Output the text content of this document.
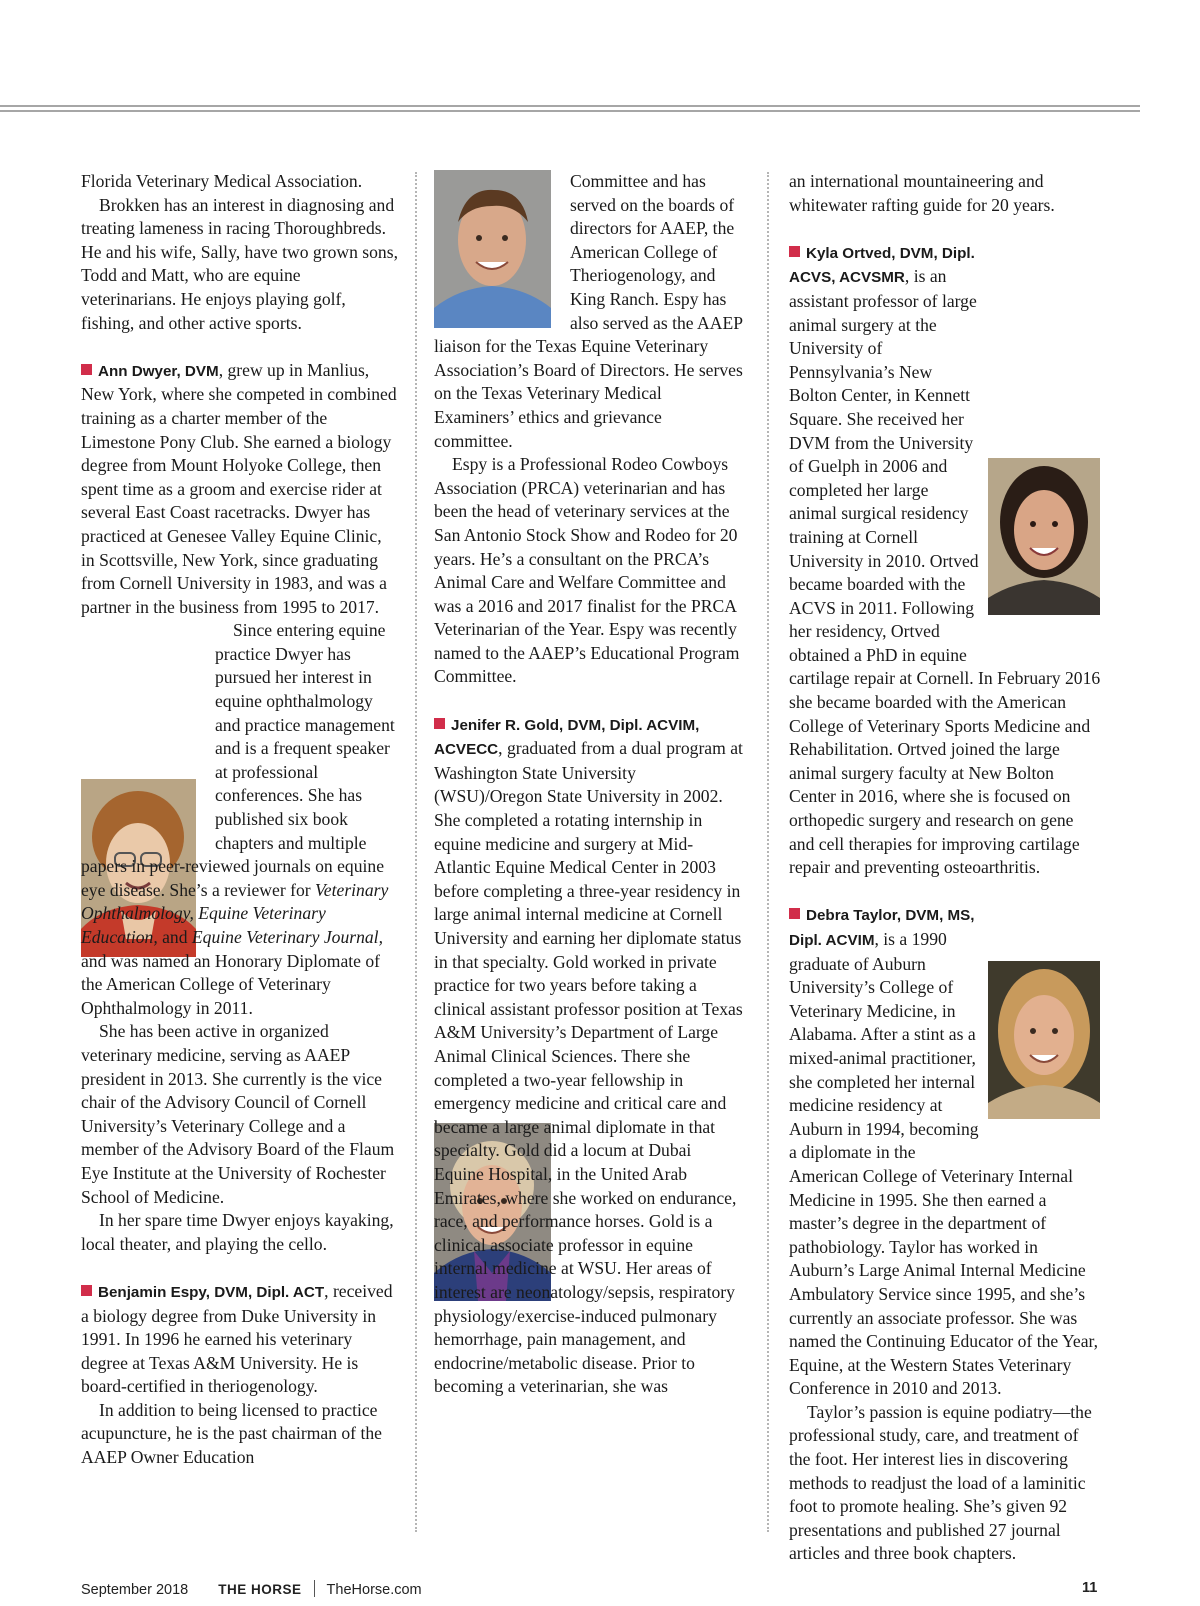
Florida Veterinary Medical Association.

Brokken has an interest in diagnosing and treating lameness in racing Thoroughbreds. He and his wife, Sally, have two grown sons, Todd and Matt, who are equine veterinarians. He enjoys playing golf, fishing, and other active sports.

Ann Dwyer, DVM, grew up in Manlius, New York, where she competed in combined training as a charter member of the Limestone Pony Club. She earned a biology degree from Mount Holyoke College, then spent time as a groom and exercise rider at several East Coast racetracks. Dwyer has practiced at Genesee Valley Equine Clinic, in Scottsville, New York, since graduating from Cornell University in 1983, and was a partner in the business from 1995 to 2017.

Since entering equine practice Dwyer has pursued her interest in equine ophthalmology and practice management and is a frequent speaker at professional conferences. She has published six book chapters and multiple papers in peer-reviewed journals on equine eye disease. She’s a reviewer for Veterinary Ophthalmology, Equine Veterinary Education, and Equine Veterinary Journal, and was named an Honorary Diplomate of the American College of Veterinary Ophthalmology in 2011.

She has been active in organized veterinary medicine, serving as AAEP president in 2013. She currently is the vice chair of the Advisory Council of Cornell University’s Veterinary College and a member of the Advisory Board of the Flaum Eye Institute at the University of Rochester School of Medicine.

In her spare time Dwyer enjoys kayaking, local theater, and playing the cello.

Benjamin Espy, DVM, Dipl. ACT, received a biology degree from Duke University in 1991. In 1996 he earned his veterinary degree at Texas A&M University. He is board-certified in theriogenology.

In addition to being licensed to practice acupuncture, he is the past chairman of the AAEP Owner Education

Committee and has served on the boards of directors for AAEP, the American College of Theriogenology, and King Ranch. Espy has also served as the AAEP liaison for the Texas Equine Veterinary Association’s Board of Directors. He serves on the Texas Veterinary Medical Examiners’ ethics and grievance committee.

Espy is a Professional Rodeo Cowboys Association (PRCA) veterinarian and has been the head of veterinary services at the San Antonio Stock Show and Rodeo for 20 years. He’s a consultant on the PRCA’s Animal Care and Welfare Committee and was a 2016 and 2017 finalist for the PRCA Veterinarian of the Year. Espy was recently named to the AAEP’s Educational Program Committee.

Jenifer R. Gold, DVM, Dipl. ACVIM, ACVECC, graduated from a dual program at Washington State University (WSU)/Oregon State University in 2002. She completed a rotating internship in equine medicine and surgery at Mid-Atlantic Equine Medical Center in 2003 before completing a three-year residency in large animal internal medicine at Cornell University and earning her diplomate status in that specialty. Gold worked in private practice for two years before taking a clinical assistant professor position at Texas A&M University’s Department of Large Animal Clinical Sciences. There she completed a two-year fellowship in emergency medicine and critical care and became a large animal diplomate in that specialty. Gold did a locum at Dubai Equine Hospital, in the United Arab Emirates, where she worked on endurance, race, and performance horses. Gold is a clinical associate professor in equine internal medicine at WSU. Her areas of interest are neonatology/sepsis, respiratory physiology/exercise-induced pulmonary hemorrhage, pain management, and endocrine/metabolic disease. Prior to becoming a veterinarian, she was

an international mountaineering and whitewater rafting guide for 20 years.

Kyla Ortved, DVM, Dipl. ACVS, ACVSMR, is an assistant professor of large animal surgery at the University of Pennsylvania’s New Bolton Center, in Kennett Square. She received her DVM from the University of Guelph in 2006 and completed her large animal surgical residency training at Cornell University in 2010. Ortved became boarded with the ACVS in 2011. Following her residency, Ortved obtained a PhD in equine cartilage repair at Cornell. In February 2016 she became boarded with the American College of Veterinary Sports Medicine and Rehabilitation. Ortved joined the large animal surgery faculty at New Bolton Center in 2016, where she is focused on orthopedic surgery and research on gene and cell therapies for improving cartilage repair and preventing osteoarthritis.

Debra Taylor, DVM, MS, Dipl. ACVIM, is a 1990 graduate of Auburn University’s College of Veterinary Medicine, in Alabama. After a stint as a mixed-animal practitioner, she completed her internal medicine residency at Auburn in 1994, becoming a diplomate in the American College of Veterinary Internal Medicine in 1995. She then earned a master’s degree in the department of pathobiology. Taylor has worked in Auburn’s Large Animal Internal Medicine Ambulatory Service since 1995, and she’s currently an associate professor. She was named the Continuing Educator of the Year, Equine, at the Western States Veterinary Conference in 2010 and 2013.

Taylor’s passion is equine podiatry—the professional study, care, and treatment of the foot. Her interest lies in discovering methods to readjust the load of a laminitic foot to promote healing. She’s given 92 presentations and published 27 journal articles and three book chapters.

September 2018 THE HORSE TheHorse.com	11
